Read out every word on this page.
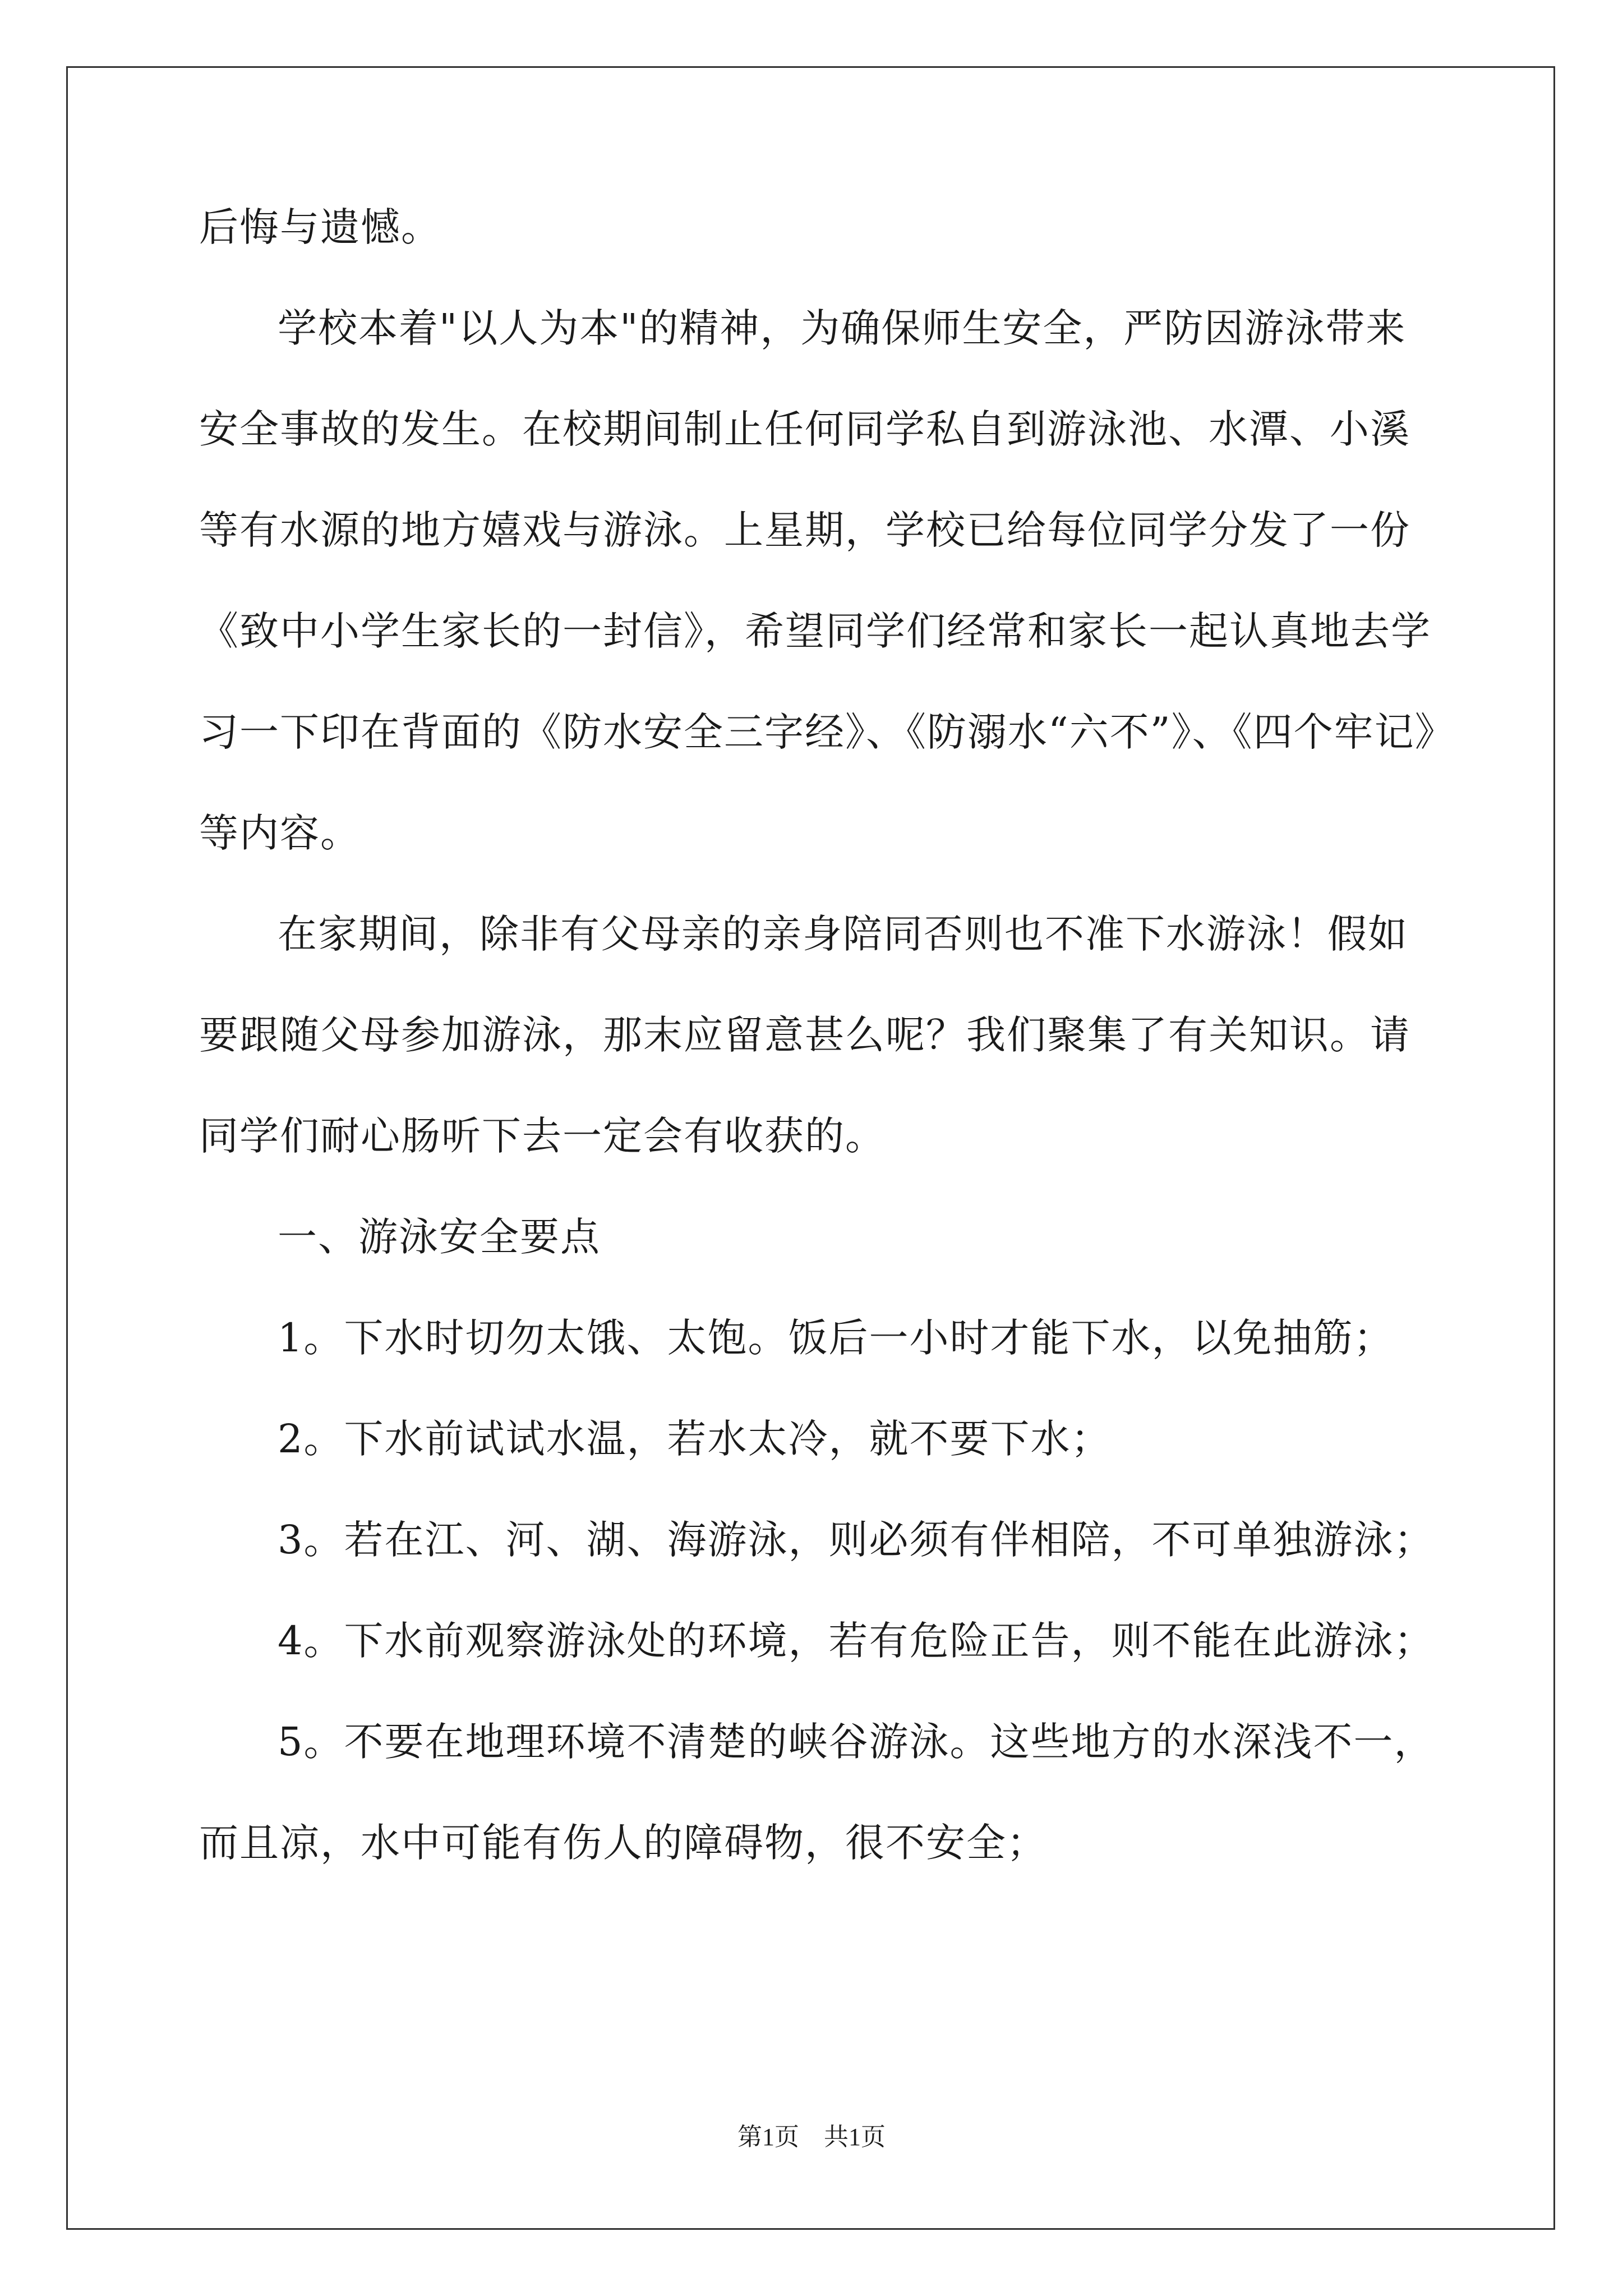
后悔与遗憾。
学校本着"以人为本"的精神，为确保师生安全，严防因游泳带来
安全事故的发生。在校期间制止任何同学私自到游泳池、水潭、小溪
等有水源的地方嬉戏与游泳。上星期，学校已给每位同学分发了一份
《致中小学生家长的一封信》，希望同学们经常和家长一起认真地去学
习一下印在背面的《防水安全三字经》、《防溺水“六不”》、《四个牢记》
等内容。
在家期间，除非有父母亲的亲身陪同否则也不准下水游泳！假如
要跟随父母参加游泳，那末应留意甚么呢？我们聚集了有关知识。请
同学们耐心肠听下去一定会有收获的。
一、游泳安全要点
1。下水时切勿太饿、太饱。饭后一小时才能下水，以免抽筋；
2。下水前试试水温，若水太冷，就不要下水；
3。若在江、河、湖、海游泳，则必须有伴相陪，不可单独游泳；
4。下水前观察游泳处的环境，若有危险正告，则不能在此游泳；
5。不要在地理环境不清楚的峡谷游泳。这些地方的水深浅不一，
而且凉，水中可能有伤人的障碍物，很不安全；
第1页　共1页
